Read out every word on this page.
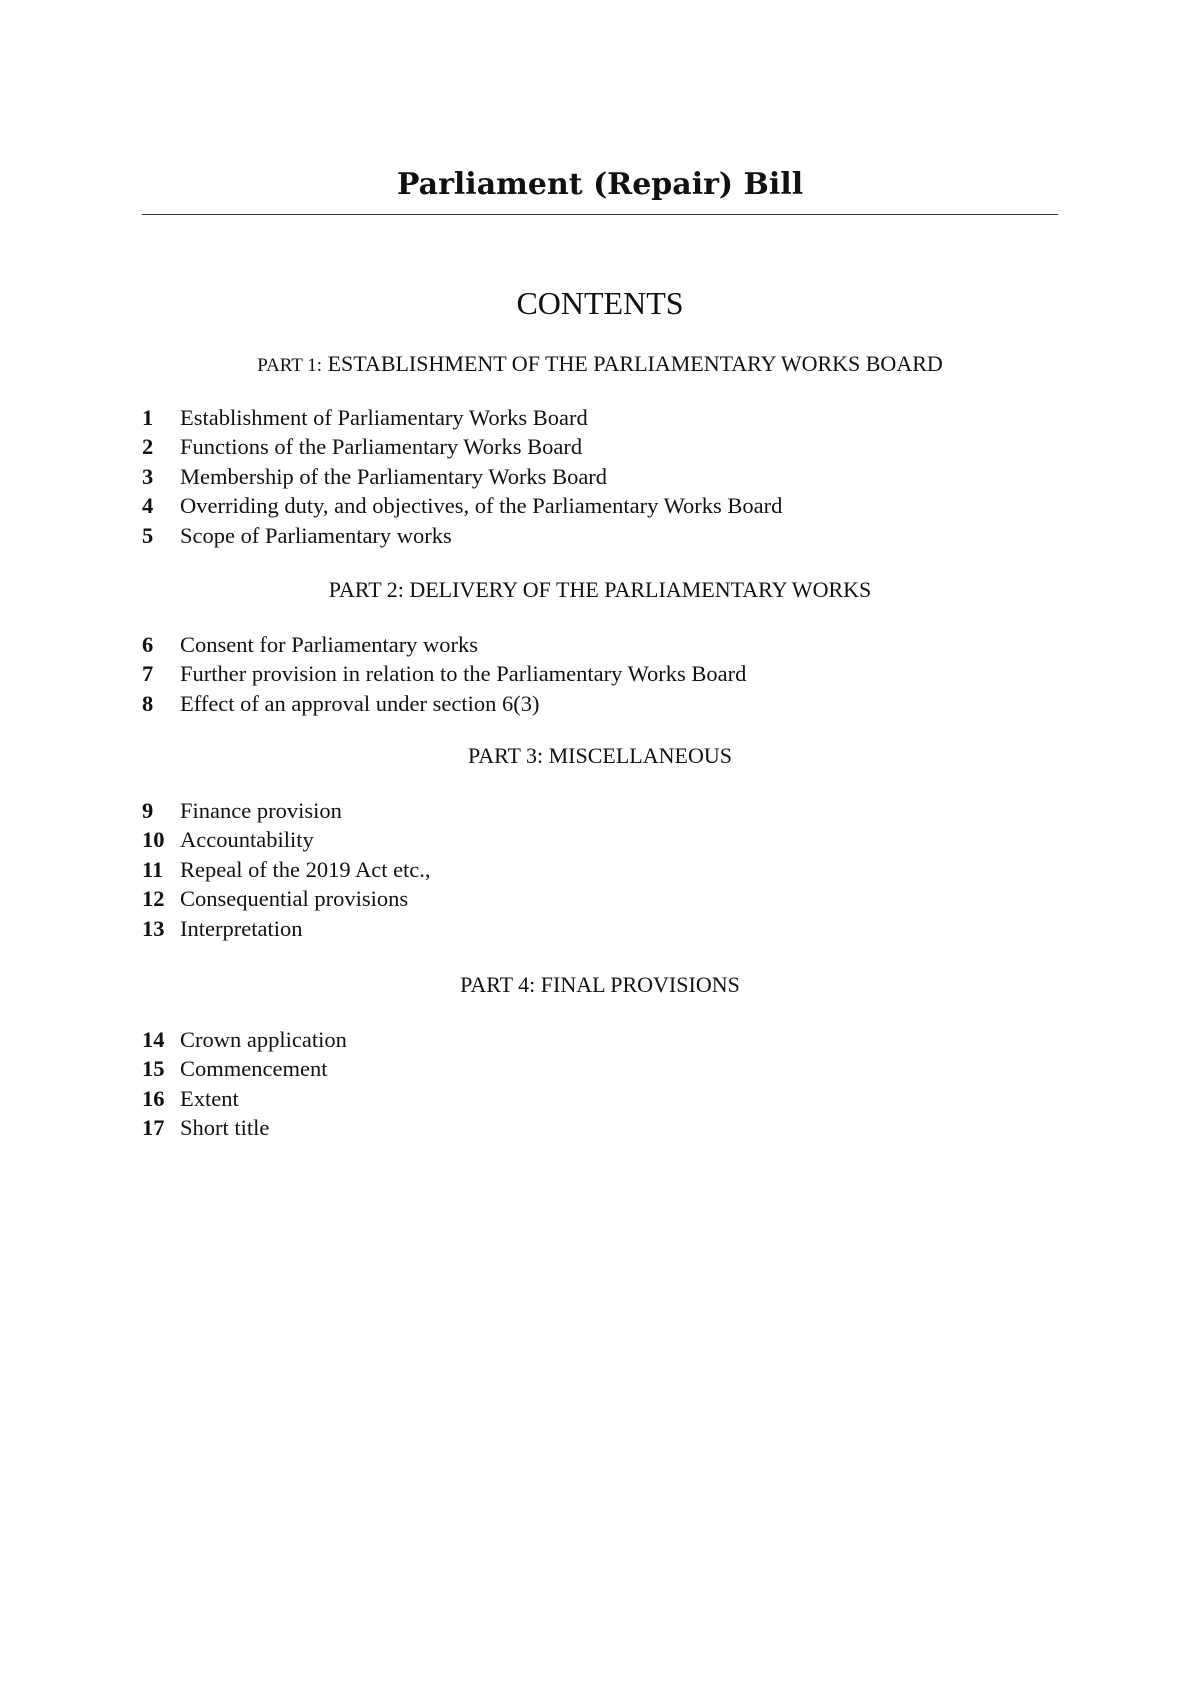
Parliament (Repair) Bill
CONTENTS
PART 1: ESTABLISHMENT OF THE PARLIAMENTARY WORKS BOARD
1	Establishment of Parliamentary Works Board
2	Functions of the Parliamentary Works Board
3	Membership of the Parliamentary Works Board
4	Overriding duty, and objectives, of the Parliamentary Works Board
5	Scope of Parliamentary works
PART 2: DELIVERY OF THE PARLIAMENTARY WORKS
6	Consent for Parliamentary works
7	Further provision in relation to the Parliamentary Works Board
8	Effect of an approval under section 6(3)
PART 3: MISCELLANEOUS
9	Finance provision
10 Accountability
11 Repeal of the 2019 Act etc.,
12 Consequential provisions
13 Interpretation
PART 4: FINAL PROVISIONS
14 Crown application
15 Commencement
16 Extent
17 Short title
